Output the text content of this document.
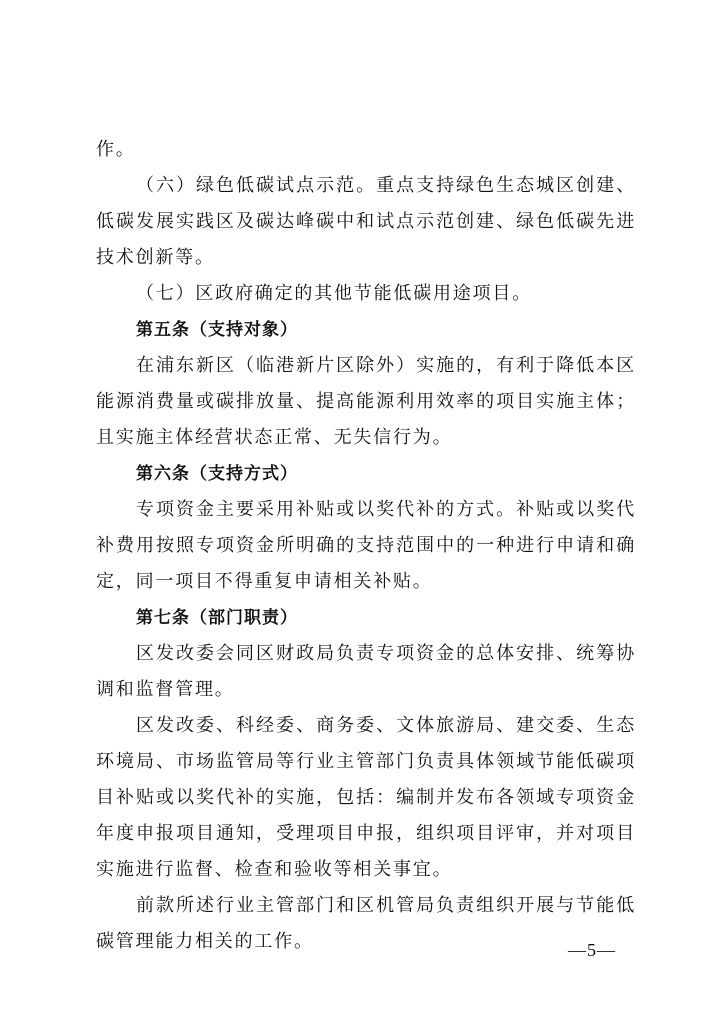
作。

（六）绿色低碳试点示范。重点支持绿色生态城区创建、低碳发展实践区及碳达峰碳中和试点示范创建、绿色低碳先进技术创新等。

（七）区政府确定的其他节能低碳用途项目。

第五条（支持对象）

在浦东新区（临港新片区除外）实施的，有利于降低本区能源消费量或碳排放量、提高能源利用效率的项目实施主体；且实施主体经营状态正常、无失信行为。

第六条（支持方式）

专项资金主要采用补贴或以奖代补的方式。补贴或以奖代补费用按照专项资金所明确的支持范围中的一种进行申请和确定，同一项目不得重复申请相关补贴。

第七条（部门职责）

区发改委会同区财政局负责专项资金的总体安排、统筹协调和监督管理。

区发改委、科经委、商务委、文体旅游局、建交委、生态环境局、市场监管局等行业主管部门负责具体领域节能低碳项目补贴或以奖代补的实施，包括：编制并发布各领域专项资金年度申报项目通知，受理项目申报，组织项目评审，并对项目实施进行监督、检查和验收等相关事宜。

前款所述行业主管部门和区机管局负责组织开展与节能低碳管理能力相关的工作。	—5—
